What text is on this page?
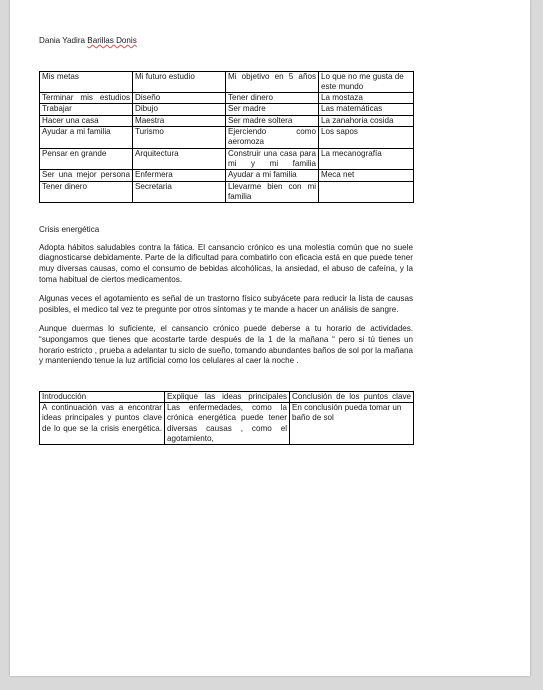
Dania Yadira Barillas Donis
Mis metas	Mi futuro estudio	Mi objetivo en 5 años	Lo que no me gusta de este mundo
Terminar mis estudios	Diseño	Tener dinero	La mostaza
Trabajar	Dibujo	Ser madre	Las matemáticas
Hacer una casa	Maestra	Ser madre soltera	La zanahoria cosida
Ayudar a mi familia	Turismo	Ejerciendo como aeromoza	Los sapos
Pensar en grande	Arquitectura	Construir una casa para mi y mi familia	La mecanografía
Ser una mejor persona	Enfermera	Ayudar a mi familia	Meca net
Tener dinero	Secretaria	Llevarme bien con mi familia	
Crisis energética

Adopta hábitos saludables contra la fática. El cansancio crónico es una molestia común que no suele diagnosticarse debidamente. Parte de la dificultad para combatirlo con eficacia está en que puede tener muy diversas causas, como el consumo de bebidas alcohólicas, la ansiedad, el abuso de cafeína, y la toma habitual de ciertos medicamentos.

Algunas veces el agotamiento es señal de un trastorno físico subyácete para reducir la lista de causas posibles, el medico tal vez te pregunte por otros síntomas y te mande a hacer un análisis de sangre.

Aunque duermas lo suficiente, el cansancio crónico puede deberse a tu horario de actividades. “supongamos que tienes que acostarte tarde después de la 1 de la mañana “ pero si tú tienes un horario estricto , prueba a adelantar tu siclo de sueño, tomando abundantes baños de sol por la mañana y manteniendo tenue la luz artificial como los celulares al caer la noche .

Introducción	Explique las ideas principales	Conclusión de los puntos clave
A continuación vas a encontrar ideas principales y puntos clave de lo que se la crisis energética.	Las enfermedades, como la crónica energética puede tener diversas causas , como el agotamiento,	En conclusión pueda tomar un baño de sol
